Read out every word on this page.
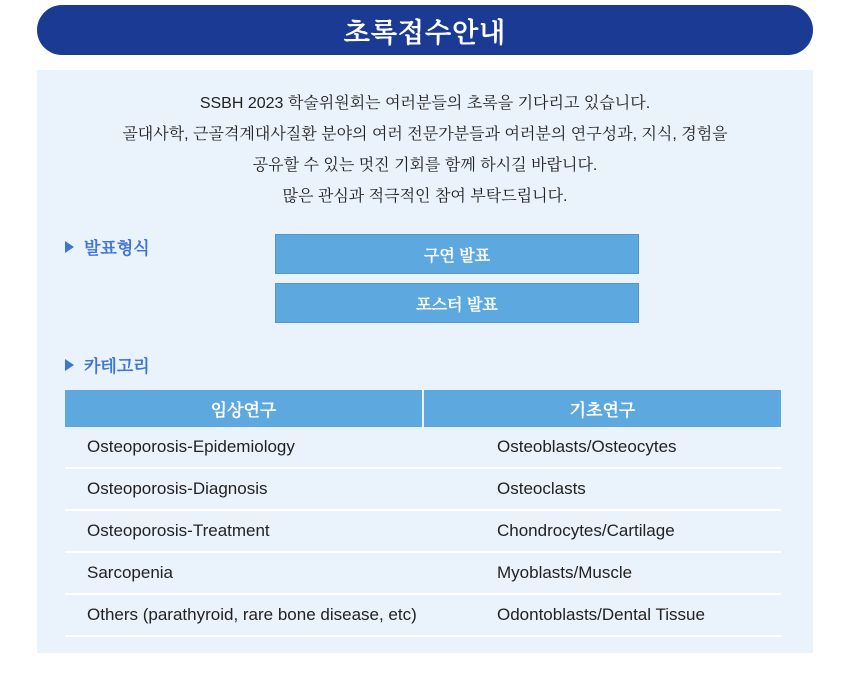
초록접수안내
SSBH 2023 학술위원회는 여러분들의 초록을 기다리고 있습니다.
골대사학, 근골격계대사질환 분야의 여러 전문가분들과 여러분의 연구성과, 지식, 경험을
공유할 수 있는 멋진 기회를 함께 하시길 바랍니다.
많은 관심과 적극적인 참여 부탁드립니다.
발표형식	구연 발표
포스터 발표
카테고리
임상연구	기초연구
Osteoporosis-Epidemiology	Osteoblasts/Osteocytes
Osteoporosis-Diagnosis	Osteoclasts
Osteoporosis-Treatment	Chondrocytes/Cartilage
Sarcopenia	Myoblasts/Muscle
Others (parathyroid, rare bone disease, etc)	Odontoblasts/Dental Tissue
